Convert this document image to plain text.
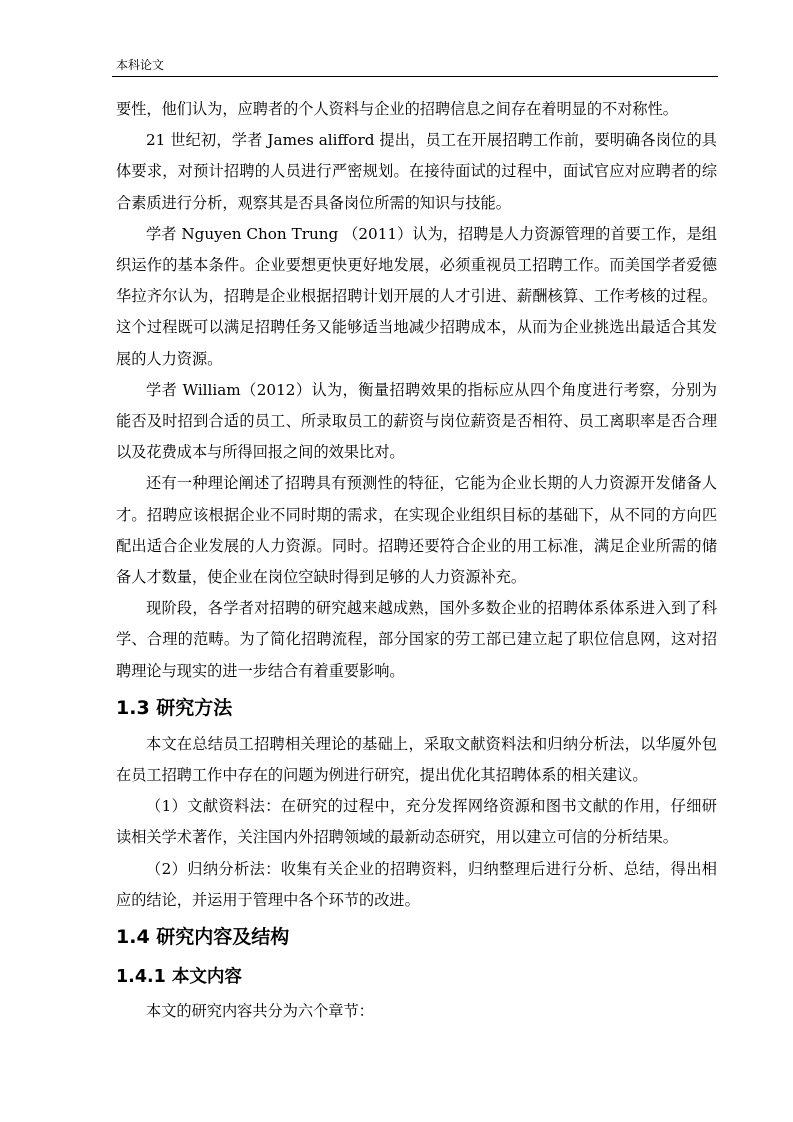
本科论文

要性，他们认为，应聘者的个人资料与企业的招聘信息之间存在着明显的不对称性。

21 世纪初，学者 James alifford 提出，员工在开展招聘工作前，要明确各岗位的具体要求，对预计招聘的人员进行严密规划。在接待面试的过程中，面试官应对应聘者的综合素质进行分析，观察其是否具备岗位所需的知识与技能。

学者 Nguyen Chon Trung （2011）认为，招聘是人力资源管理的首要工作，是组织运作的基本条件。企业要想更快更好地发展，必须重视员工招聘工作。而美国学者爱德华拉齐尔认为，招聘是企业根据招聘计划开展的人才引进、薪酬核算、工作考核的过程。这个过程既可以满足招聘任务又能够适当地减少招聘成本，从而为企业挑选出最适合其发展的人力资源。

学者 William（2012）认为，衡量招聘效果的指标应从四个角度进行考察，分别为能否及时招到合适的员工、所录取员工的薪资与岗位薪资是否相符、员工离职率是否合理以及花费成本与所得回报之间的效果比对。

还有一种理论阐述了招聘具有预测性的特征，它能为企业长期的人力资源开发储备人才。招聘应该根据企业不同时期的需求，在实现企业组织目标的基础下，从不同的方向匹配出适合企业发展的人力资源。同时。招聘还要符合企业的用工标准，满足企业所需的储备人才数量，使企业在岗位空缺时得到足够的人力资源补充。

现阶段，各学者对招聘的研究越来越成熟，国外多数企业的招聘体系体系进入到了科学、合理的范畴。为了简化招聘流程，部分国家的劳工部已建立起了职位信息网，这对招聘理论与现实的进一步结合有着重要影响。

1.3 研究方法

本文在总结员工招聘相关理论的基础上，采取文献资料法和归纳分析法，以华厦外包在员工招聘工作中存在的问题为例进行研究，提出优化其招聘体系的相关建议。

（1）文献资料法：在研究的过程中，充分发挥网络资源和图书文献的作用，仔细研读相关学术著作，关注国内外招聘领域的最新动态研究，用以建立可信的分析结果。

（2）归纳分析法：收集有关企业的招聘资料，归纳整理后进行分析、总结，得出相应的结论，并运用于管理中各个环节的改进。

1.4 研究内容及结构
1.4.1 本文内容

本文的研究内容共分为六个章节：
